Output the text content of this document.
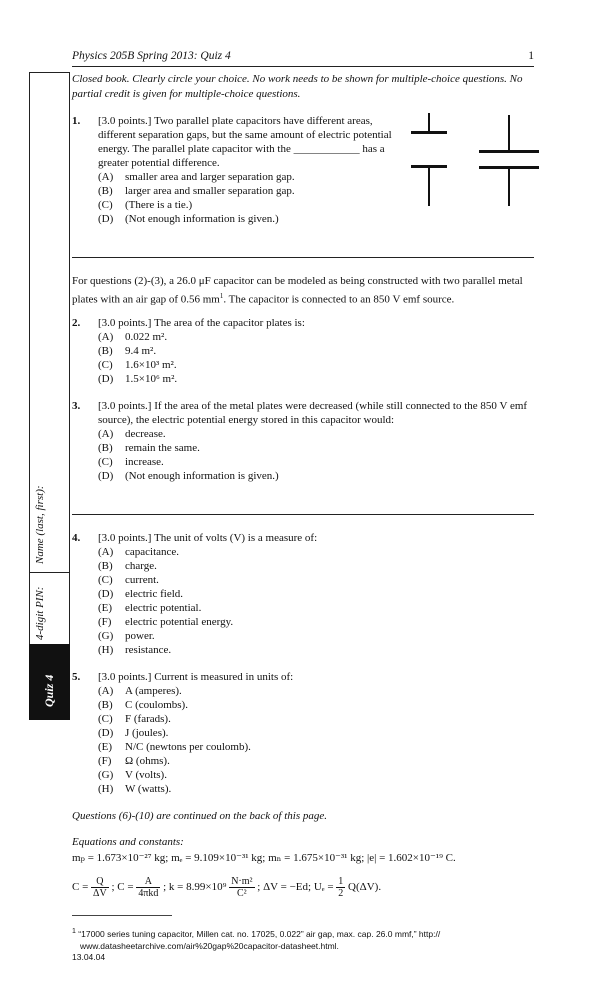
Physics 205B Spring 2013: Quiz 4	1
Name (last, first):
4-digit PIN:
Quiz 4
Closed book. Clearly circle your choice. No work needs to be shown for multiple-choice questions. No partial credit is given for multiple-choice questions.
1. [3.0 points.] Two parallel plate capacitors have different areas, different separation gaps, but the same amount of electric potential energy. The parallel plate capacitor with the ____________ has a greater potential difference.
(A) smaller area and larger separation gap.
(B) larger area and smaller separation gap.
(C) (There is a tie.)
(D) (Not enough information is given.)
For questions (2)-(3), a 26.0 μF capacitor can be modeled as being constructed with two parallel metal plates with an air gap of 0.56 $mm^1$. The capacitor is connected to an 850 V emf source.
2. [3.0 points.] The area of the capacitor plates is:
(A) 0.022 m².
(B) 9.4 m².
(C) 1.6×10³ m².
(D) 1.5×10⁶ m².
3. [3.0 points.] If the area of the metal plates were decreased (while still connected to the 850 V emf source), the electric potential energy stored in this capacitor would:
(A) decrease.
(B) remain the same.
(C) increase.
(D) (Not enough information is given.)
4. [3.0 points.] The unit of volts (V) is a measure of:
(A) capacitance.
(B) charge.
(C) current.
(D) electric field.
(E) electric potential.
(F) electric potential energy.
(G) power.
(H) resistance.
5. [3.0 points.] Current is measured in units of:
(A) A (amperes).
(B) C (coulombs).
(C) F (farads).
(D) J (joules).
(E) N/C (newtons per coulomb).
(F) Ω (ohms).
(G) V (volts).
(H) W (watts).
Questions (6)-(10) are continued on the back of this page.
Equations and constants:
mₚ = 1.673×10⁻²⁷ kg; mₑ = 9.109×10⁻³¹ kg; mₙ = 1.675×10⁻³¹ kg; |e| = 1.602×10⁻¹⁹ C.
$C = \frac{Q}{\Delta V}$ ; $C = \frac{A}{\text{4πkd}}$ ; $k = 8.99\times 10^9 \frac{\text{N·m²}}{\text{C²}}$ ; ΔV = −Ed; $U_e = \frac{1}{2} Q(\Delta V)$.
$^1$ “17000 series tuning capacitor, Millen cat. no. 17025, 0.022” air gap, max. cap. 26.0 mmf,” http://
www.datasheetarchive.com/air%20gap%20capacitor-datasheet.html.
13.04.04
